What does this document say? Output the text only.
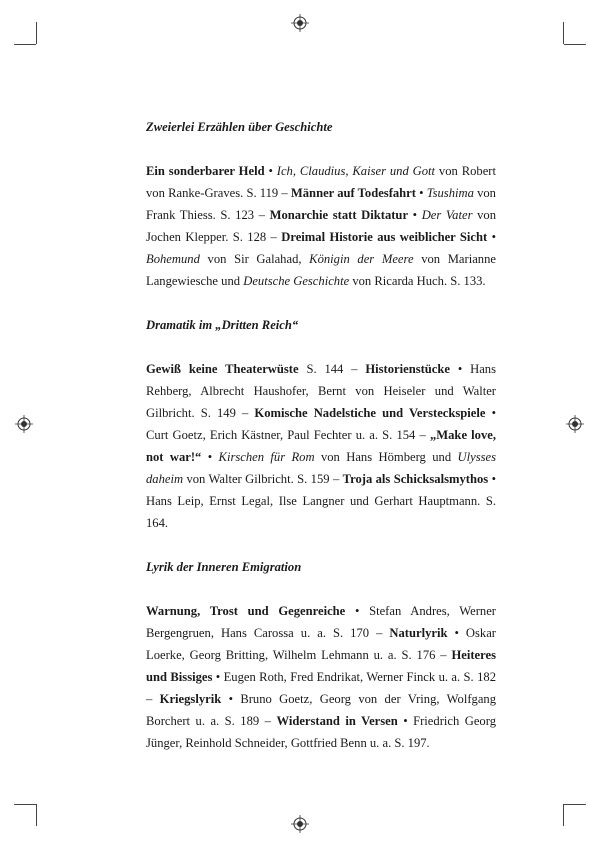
Zweierlei Erzählen über Geschichte

Ein sonderbarer Held • Ich, Claudius, Kaiser und Gott von Robert von Ranke-Graves. S. 119 – Männer auf Todesfahrt • Tsushima von Frank Thiess. S. 123 – Monarchie statt Diktatur • Der Vater von Jochen Klepper. S. 128 – Dreimal Historie aus weiblicher Sicht • Bohemund von Sir Galahad, Königin der Meere von Marianne Langewiesche und Deutsche Geschichte von Ricarda Huch. S. 133.

Dramatik im „Dritten Reich“

Gewiß keine Theaterwüste S. 144 – Historienstücke • Hans Rehberg, Albrecht Haushofer, Bernt von Heiseler und Walter Gilbricht. S. 149 – Komische Nadelstiche und Versteckspiele • Curt Goetz, Erich Kästner, Paul Fechter u. a. S. 154 – „Make love, not war!“ • Kirschen für Rom von Hans Hömberg und Ulysses daheim von Walter Gilbricht. S. 159 – Troja als Schicksalsmythos • Hans Leip, Ernst Legal, Ilse Langner und Gerhart Hauptmann. S. 164.

Lyrik der Inneren Emigration

Warnung, Trost und Gegenreiche • Stefan Andres, Werner Bergengruen, Hans Carossa u. a. S. 170 – Naturlyrik • Oskar Loerke, Georg Britting, Wilhelm Lehmann u. a. S. 176 – Heiteres und Bissiges • Eugen Roth, Fred Endrikat, Werner Finck u. a. S. 182 – Kriegslyrik • Bruno Goetz, Georg von der Vring, Wolfgang Borchert u. a. S. 189 – Widerstand in Versen • Friedrich Georg Jünger, Reinhold Schneider, Gottfried Benn u. a. S. 197.
